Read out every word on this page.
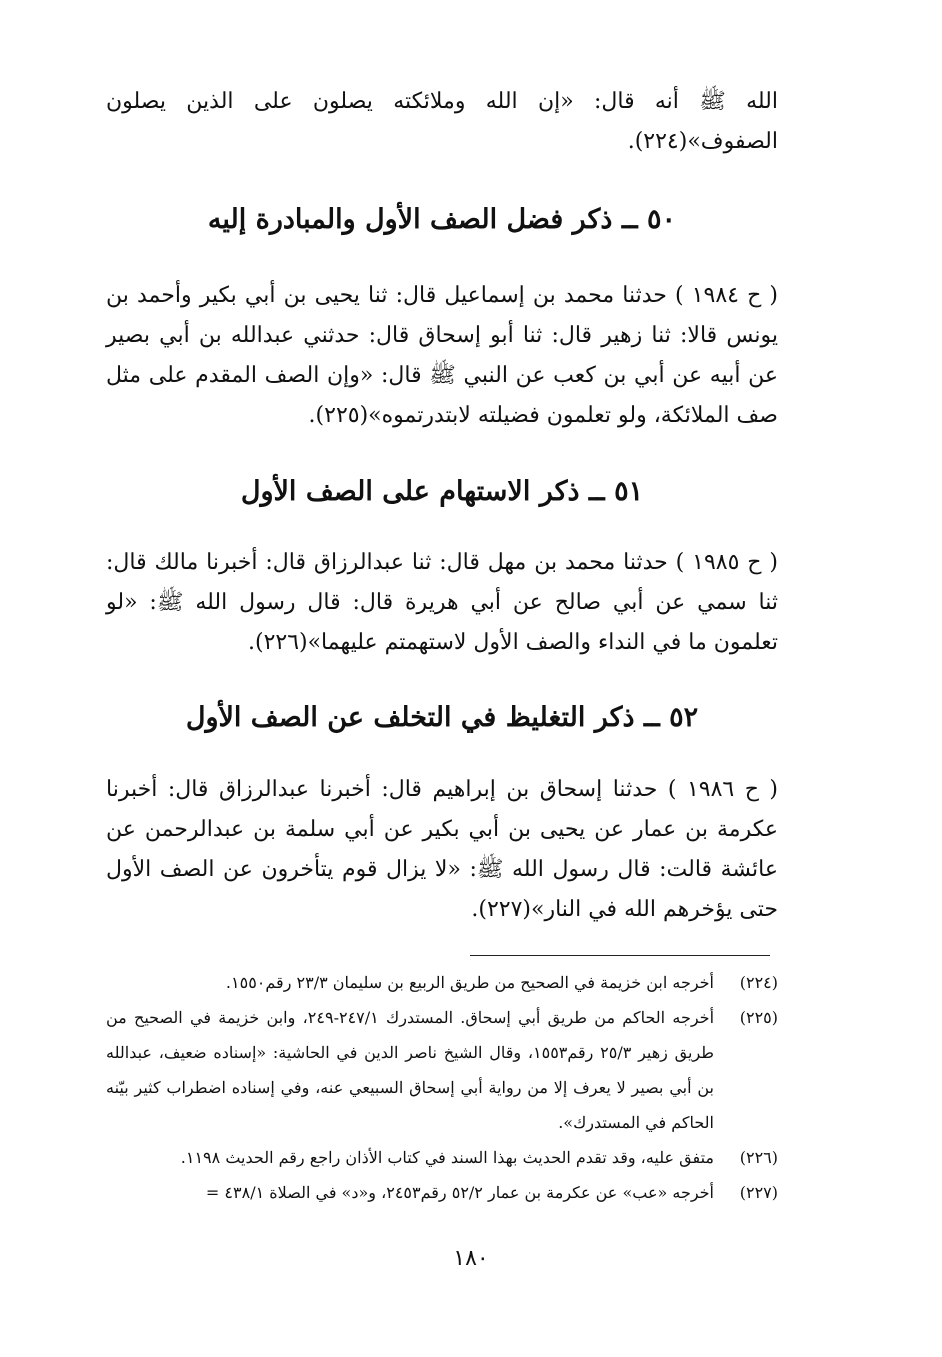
الله ﷺ أنه قال: «إن الله وملائكته يصلون على الذين يصلون الصفوف»(٢٢٤).

٥٠ ــ ذكر فضل الصف الأول والمبادرة إليه

( ح ١٩٨٤ ) حدثنا محمد بن إسماعيل قال: ثنا يحيى بن أبي بكير وأحمد بن يونس قالا: ثنا زهير قال: ثنا أبو إسحاق قال: حدثني عبدالله بن أبي بصير عن أبيه عن أبي بن كعب عن النبي ﷺ قال: «وإن الصف المقدم على مثل صف الملائكة، ولو تعلمون فضيلته لابتدرتموه»(٢٢٥).

٥١ ــ ذكر الاستهام على الصف الأول

( ح ١٩٨٥ ) حدثنا محمد بن مهل قال: ثنا عبدالرزاق قال: أخبرنا مالك قال: ثنا سمي عن أبي صالح عن أبي هريرة قال: قال رسول الله ﷺ: «لو تعلمون ما في النداء والصف الأول لاستهمتم عليهما»(٢٢٦).

٥٢ ــ ذكر التغليظ في التخلف عن الصف الأول

( ح ١٩٨٦ ) حدثنا إسحاق بن إبراهيم قال: أخبرنا عبدالرزاق قال: أخبرنا عكرمة بن عمار عن يحيى بن أبي بكير عن أبي سلمة بن عبدالرحمن عن عائشة قالت: قال رسول الله ﷺ: «لا يزال قوم يتأخرون عن الصف الأول حتى يؤخرهم الله في النار»(٢٢٧).

(٢٢٤)
أخرجه ابن خزيمة في الصحيح من طريق الربيع بن سليمان ٢٣/٣ رقم١٥٥٠.
(٢٢٥)
أخرجه الحاكم من طريق أبي إسحاق. المستدرك ٢٤٧/١-٢٤٩، وابن خزيمة في الصحيح من طريق زهير ٢٥/٣ رقم١٥٥٣، وقال الشيخ ناصر الدين في الحاشية: «إسناده ضعيف، عبدالله بن أبي بصير لا يعرف إلا من رواية أبي إسحاق السبيعي عنه، وفي إسناده اضطراب كثير بيّنه الحاكم في المستدرك».
(٢٢٦)
متفق عليه، وقد تقدم الحديث بهذا السند في كتاب الأذان راجع رقم الحديث ١١٩٨.
(٢٢٧)
أخرجه «عب» عن عكرمة بن عمار ٥٢/٢ رقم٢٤٥٣، و«د» في الصلاة ٤٣٨/١ =
١٨٠
